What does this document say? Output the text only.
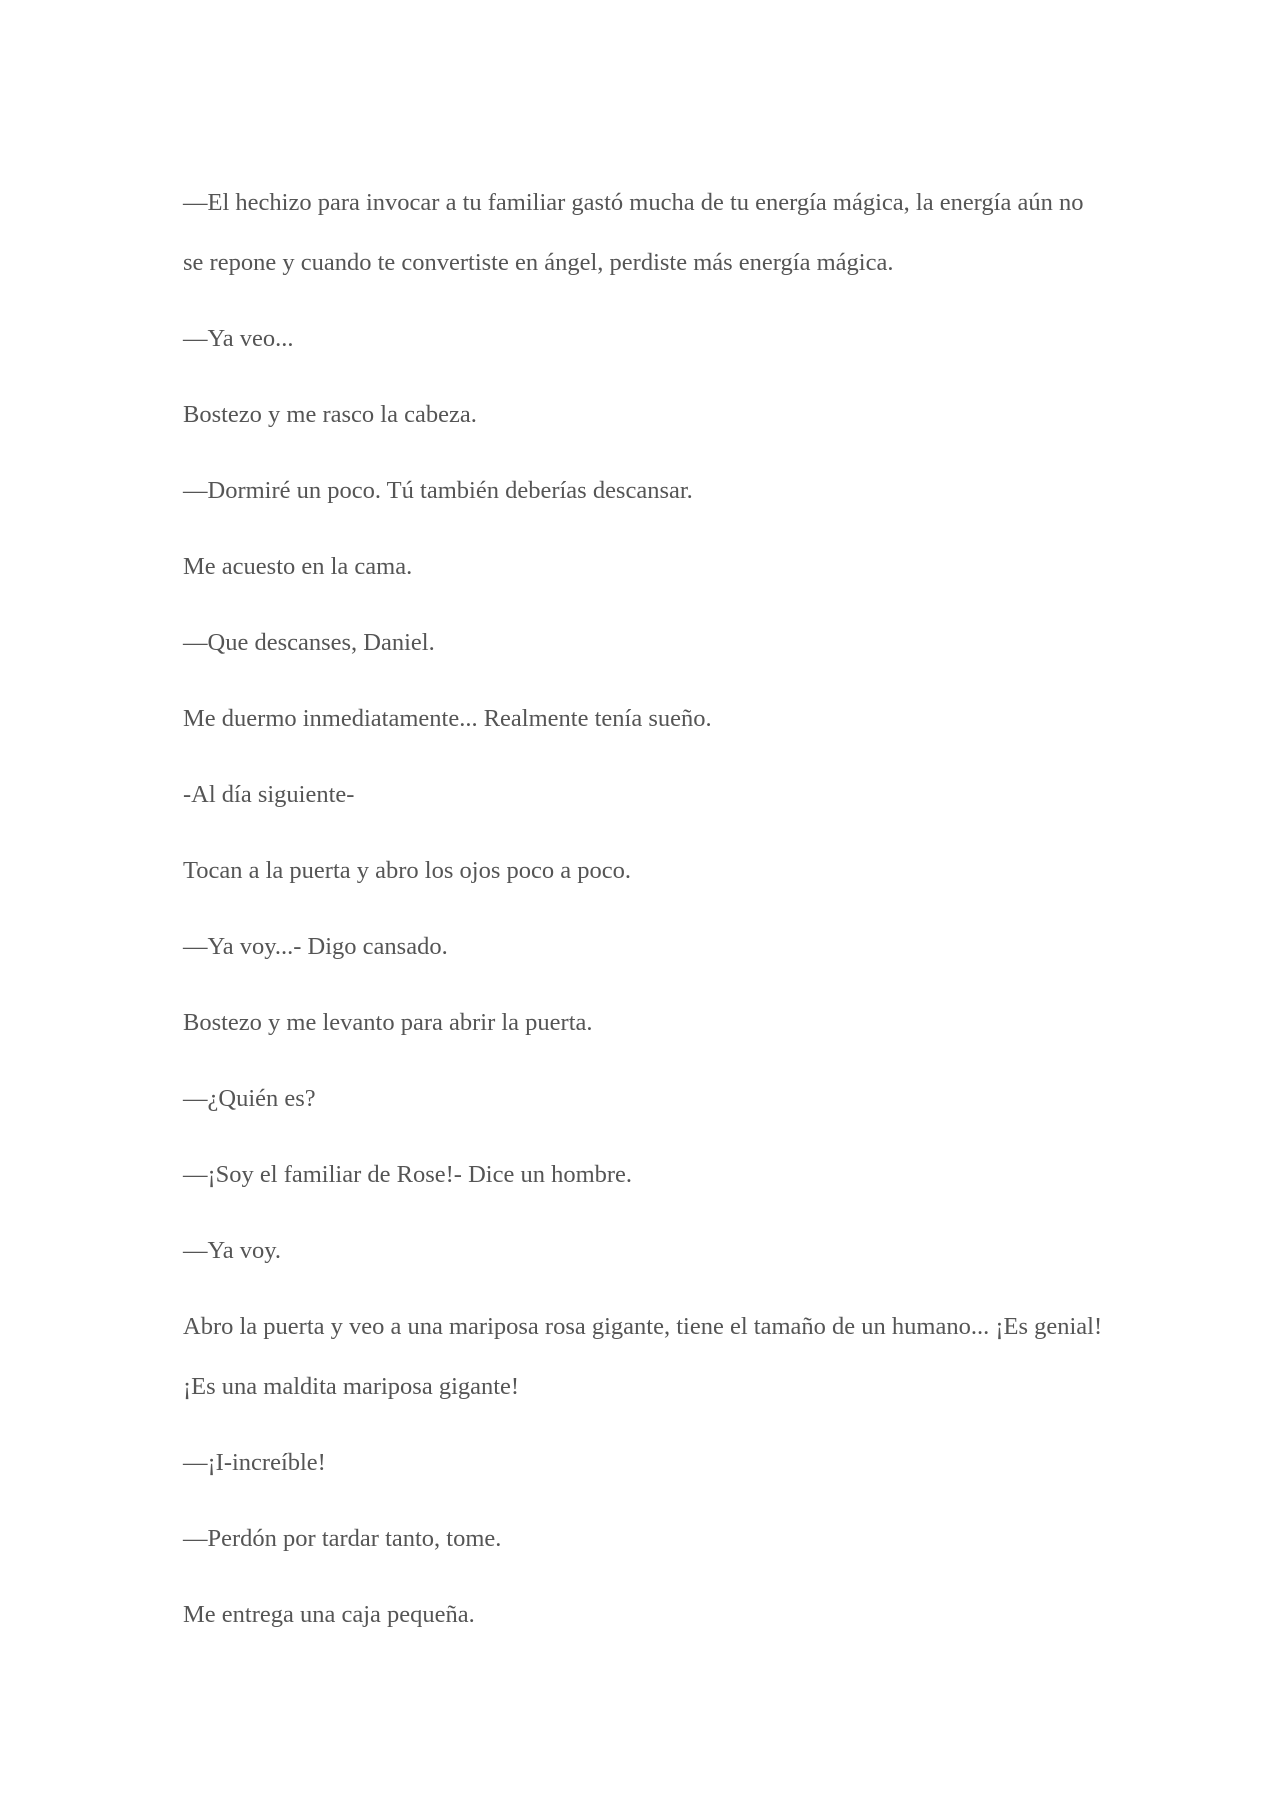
—El hechizo para invocar a tu familiar gastó mucha de tu energía mágica, la energía aún no se repone y cuando te convertiste en ángel, perdiste más energía mágica.

—Ya veo...

Bostezo y me rasco la cabeza.

—Dormiré un poco. Tú también deberías descansar.

Me acuesto en la cama.

—Que descanses, Daniel.

Me duermo inmediatamente... Realmente tenía sueño.

-Al día siguiente-

Tocan a la puerta y abro los ojos poco a poco.

—Ya voy...- Digo cansado.

Bostezo y me levanto para abrir la puerta.

—¿Quién es?

—¡Soy el familiar de Rose!- Dice un hombre.

—Ya voy.

Abro la puerta y veo a una mariposa rosa gigante, tiene el tamaño de un humano... ¡Es genial! ¡Es una maldita mariposa gigante!

—¡I-increíble!

—Perdón por tardar tanto, tome.

Me entrega una caja pequeña.
